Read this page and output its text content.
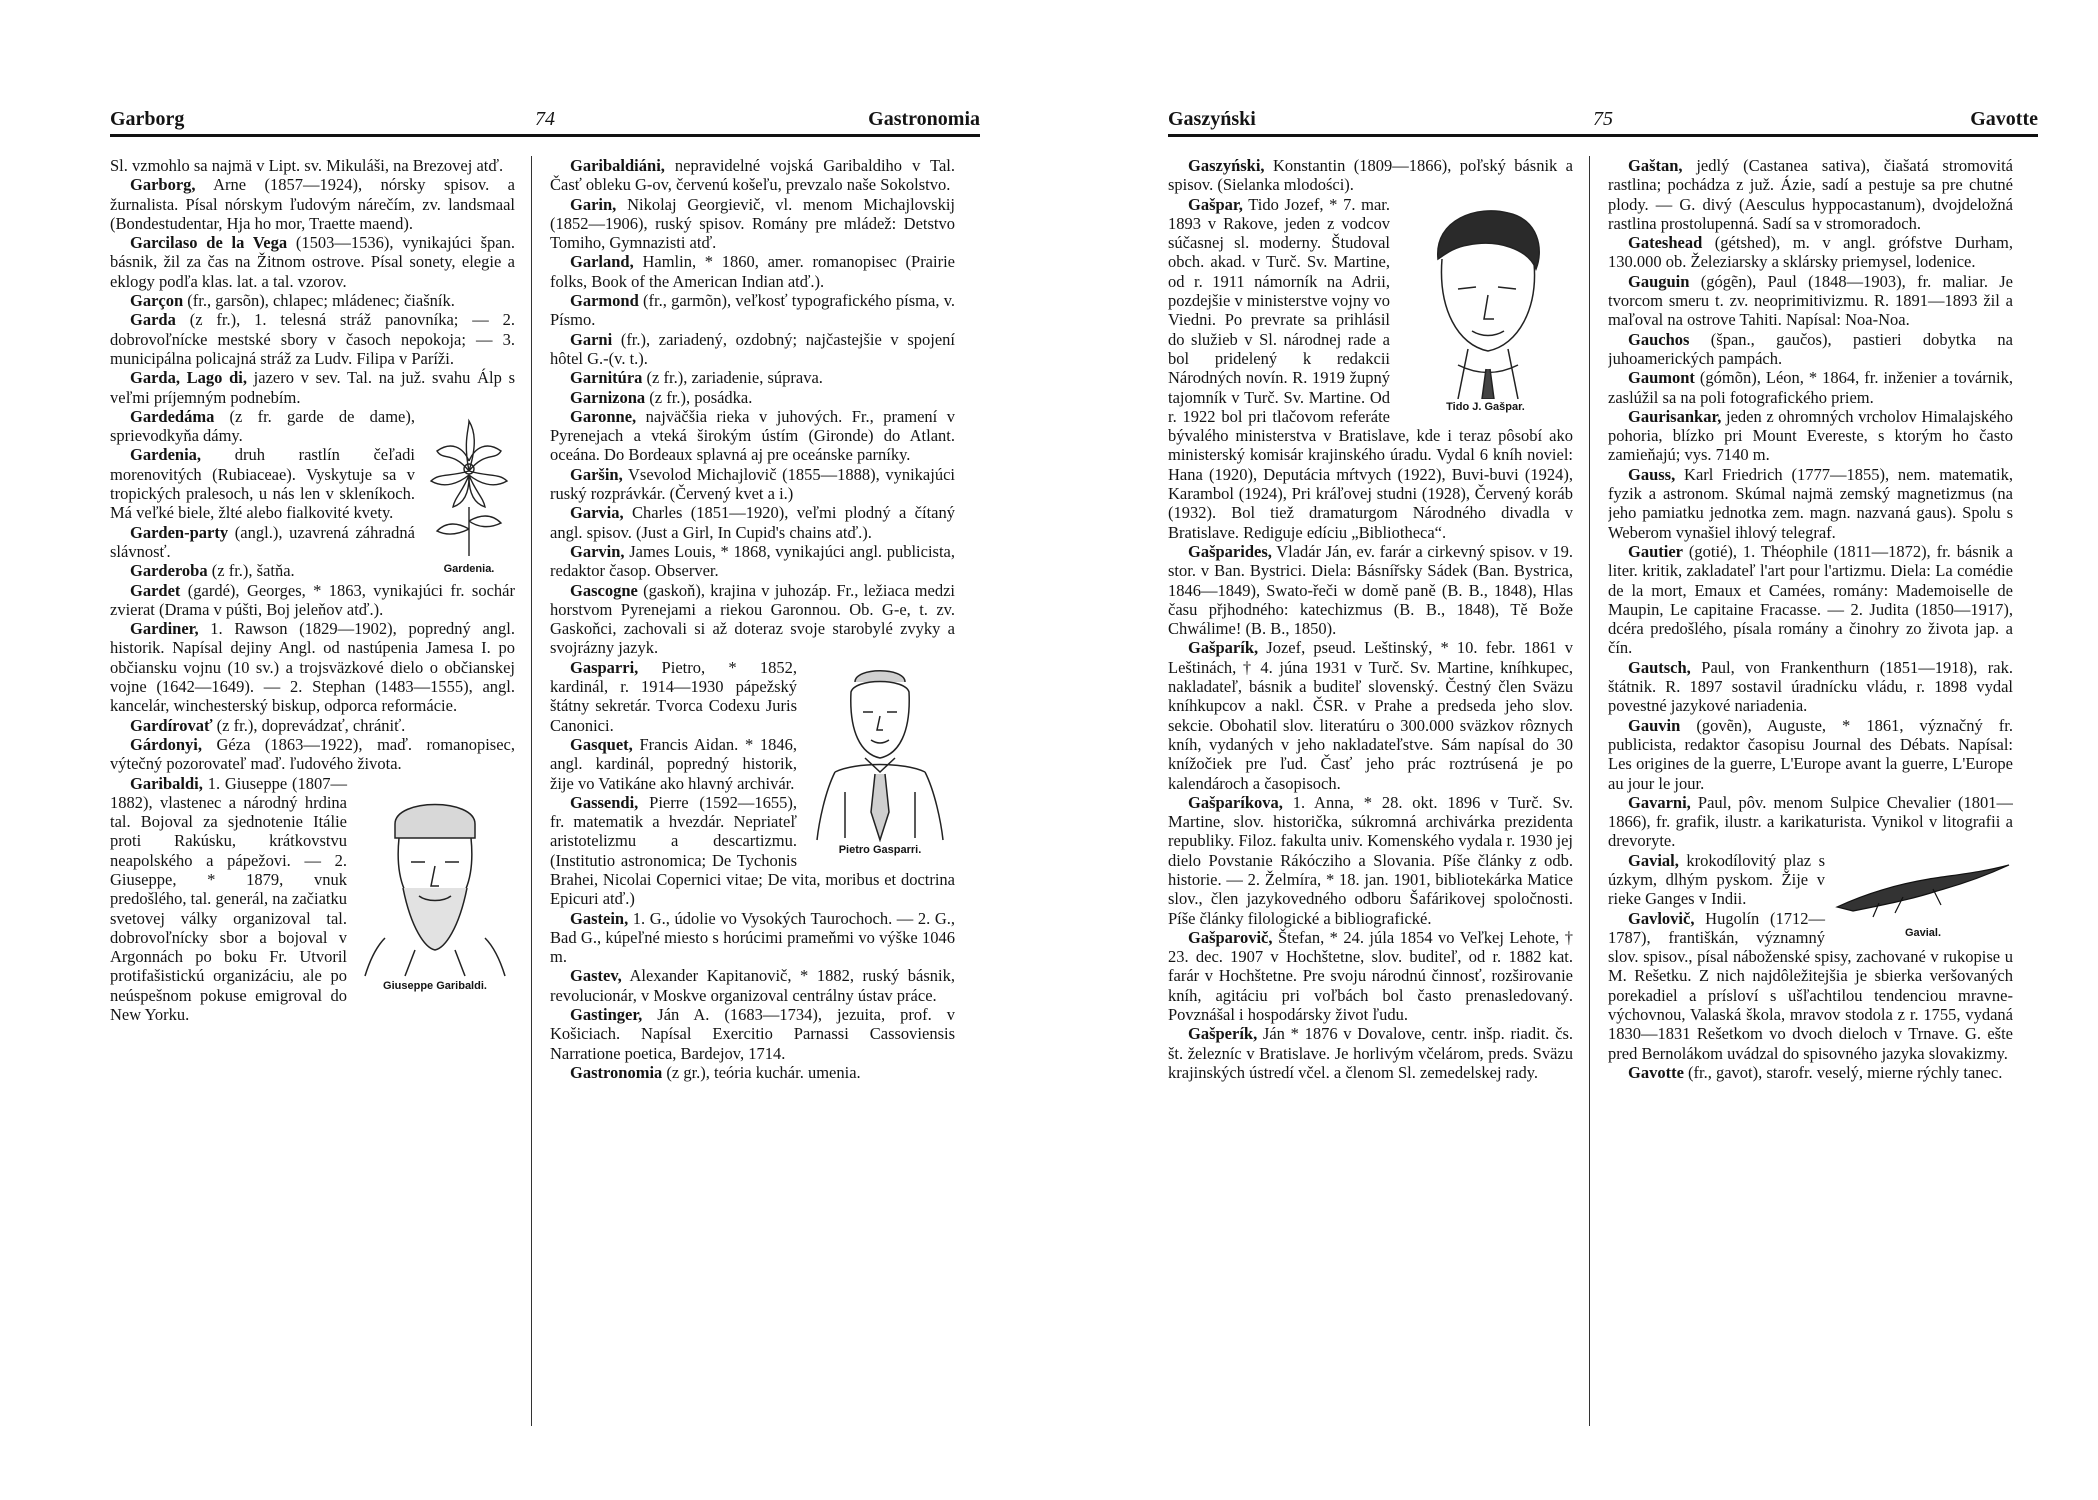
Garborg	74	Gastronomia

Sl. vzmohlo sa najmä v Lipt. sv. Mikuláši, na Brezovej atď.

Garborg, Arne (1857—1924), nórsky spisov. a žurnalista. Písal nórskym ľudovým nárečím, zv. landsmaal (Bondestudentar, Hja ho mor, Traette maend).

Garcilaso de la Vega (1503—1536), vynikajúci špan. básnik, žil za čas na Žitnom ostrove. Písal sonety, elegie a eklogy podľa klas. lat. a tal. vzorov.

Garçon (fr., garsõn), chlapec; mládenec; čiašník.

Garda (z fr.), 1. telesná stráž panovníka; — 2. dobrovoľnícke mestské sbory v časoch nepokoja; — 3. municipálna policajná stráž za Ludv. Filipa v Paríži.

Garda, Lago di, jazero v sev. Tal. na juž. svahu Álp s veľmi príjemným podnebím.

Gardenia.

Gardedáma (z fr. garde de dame), sprievodkyňa dámy.

Gardenia, druh rastlín čeľadi morenovitých (Rubiaceae). Vyskytuje sa v tropických pralesoch, u nás len v skleníkoch. Má veľké biele, žlté alebo fialkovité kvety.

Garden-party (angl.), uzavrená záhradná slávnosť.

Garderoba (z fr.), šatňa.

Gardet (gardé), Georges, * 1863, vynikajúci fr. sochár zvierat (Drama v púšti, Boj jeleňov atď.).

Gardiner, 1. Rawson (1829—1902), popredný angl. historik. Napísal dejiny Angl. od nastúpenia Jamesa I. po občiansku vojnu (10 sv.) a trojsväzkové dielo o občianskej vojne (1642—1649). — 2. Stephan (1483—1555), angl. kancelár, winchesterský biskup, odporca reformácie.

Gardírovať (z fr.), doprevádzať, chrániť.

Gárdonyi, Géza (1863—1922), maď. romanopisec, výtečný pozorovateľ maď. ľudového života.

Giuseppe Garibaldi.

Garibaldi, 1. Giuseppe (1807—1882), vlastenec a národný hrdina tal. Bojoval za sjednotenie Itálie proti Rakúsku, krátkovstvu neapolského a pápežovi. — 2. Giuseppe, * 1879, vnuk predošlého, tal. generál, na začiatku svetovej války organizoval tal. dobrovoľnícky sbor a bojoval v Argonnách po boku Fr. Utvoril protifašistickú organizáciu, ale po neúspešnom pokuse emigroval do New Yorku.

Garibaldiáni, nepravidelné vojská Garibaldiho v Tal. Časť obleku G-ov, červenú košeľu, prevzalo naše Sokolstvo.

Garin, Nikolaj Georgievič, vl. menom Michajlovskij (1852—1906), ruský spisov. Romány pre mládež: Detstvo Tomiho, Gymnazisti atď.

Garland, Hamlin, * 1860, amer. romanopisec (Prairie folks, Book of the American Indian atď.).

Garmond (fr., garmõn), veľkosť typografického písma, v. Písmo.

Garni (fr.), zariadený, ozdobný; najčastejšie v spojení hôtel G.-(v. t.).

Garnitúra (z fr.), zariadenie, súprava.

Garnizona (z fr.), posádka.

Garonne, najväčšia rieka v juhových. Fr., pramení v Pyrenejach a vteká širokým ústím (Gironde) do Atlant. oceána. Do Bordeaux splavná aj pre oceánske parníky.

Garšin, Vsevolod Michajlovič (1855—1888), vynikajúci ruský rozprávkár. (Červený kvet a i.)

Garvia, Charles (1851—1920), veľmi plodný a čítaný angl. spisov. (Just a Girl, In Cupid's chains atď.).

Garvin, James Louis, * 1868, vynikajúci angl. publicista, redaktor časop. Observer.

Gascogne (gaskoň), krajina v juhozáp. Fr., ležiaca medzi horstvom Pyrenejami a riekou Garonnou. Ob. G-e, t. zv. Gaskoňci, zachovali si až doteraz svoje starobylé zvyky a svojrázny jazyk.

Pietro Gasparri.

Gasparri, Pietro, * 1852, kardinál, r. 1914—1930 pápežský štátny sekretár. Tvorca Codexu Juris Canonici.

Gasquet, Francis Aidan. * 1846, angl. kardinál, popredný historik, žije vo Vatikáne ako hlavný archivár.

Gassendi, Pierre (1592—1655), fr. matematik a hvezdár. Nepriateľ aristotelizmu a descartizmu. (Institutio astronomica; De Tychonis Brahei, Nicolai Copernici vitae; De vita, moribus et doctrina Epicuri atď.)

Gastein, 1. G., údolie vo Vysokých Taurochoch. — 2. G., Bad G., kúpeľné miesto s horúcimi prameňmi vo výške 1046 m.

Gastev, Alexander Kapitanovič, * 1882, ruský básnik, revolucionár, v Moskve organizoval centrálny ústav práce.

Gastinger, Ján A. (1683—1734), jezuita, prof. v Košiciach. Napísal Exercitio Parnassi Cassoviensis Narratione poetica, Bardejov, 1714.

Gastronomia (z gr.), teória kuchár. umenia.

Gaszyński	75	Gavotte

Gaszyński, Konstantin (1809—1866), poľský básnik a spisov. (Sielanka mlodości).

Tido J. Gašpar.

Gašpar, Tido Jozef, * 7. mar. 1893 v Rakove, jeden z vodcov súčasnej sl. moderny. Študoval obch. akad. v Turč. Sv. Martine, od r. 1911 námorník na Adrii, pozdejšie v ministerstve vojny vo Viedni. Po prevrate sa prihlásil do služieb v Sl. národnej rade a bol pridelený k redakcii Národných novín. R. 1919 župný tajomník v Turč. Sv. Martine. Od r. 1922 bol pri tlačovom referáte bývalého ministerstva v Bratislave, kde i teraz pôsobí ako ministerský komisár krajinského úradu. Vydal 6 kníh noviel: Hana (1920), Deputácia mŕtvych (1922), Buvi-buvi (1924), Karambol (1924), Pri kráľovej studni (1928), Červený koráb (1932). Bol tiež dramaturgom Národného divadla v Bratislave. Rediguje edíciu „Bibliotheca“.

Gašparides, Vladár Ján, ev. farár a cirkevný spisov. v 19. stor. v Ban. Bystrici. Diela: Básnířsky Sádek (Ban. Bystrica, 1846—1849), Swato-řeči w domě paně (B. B., 1848), Hlas času přjhodného: katechizmus (B. B., 1848), Tě Bože Chwálime! (B. B., 1850).

Gašparík, Jozef, pseud. Leštinský, * 10. febr. 1861 v Leštinách, † 4. júna 1931 v Turč. Sv. Martine, kníhkupec, nakladateľ, básnik a buditeľ slovenský. Čestný člen Sväzu kníhkupcov a nakl. ČSR. v Prahe a predseda jeho slov. sekcie. Obohatil slov. literatúru o 300.000 sväzkov rôznych kníh, vydaných v jeho nakladateľstve. Sám napísal do 30 knížočiek pre ľud. Časť jeho prác roztrúsená je po kalendároch a časopisoch.

Gašparíkova, 1. Anna, * 28. okt. 1896 v Turč. Sv. Martine, slov. historička, súkromná archivárka prezidenta republiky. Filoz. fakulta univ. Komenského vydala r. 1930 jej dielo Povstanie Rákócziho a Slovania. Píše články z odb. historie. — 2. Želmíra, * 18. jan. 1901, bibliotekárka Matice slov., člen jazykovedného odboru Šafárikovej spoločnosti. Píše články filologické a bibliografické.

Gašparovič, Štefan, * 24. júla 1854 vo Veľkej Lehote, † 23. dec. 1907 v Hochštetne, slov. buditeľ, od r. 1882 kat. farár v Hochštetne. Pre svoju národnú činnosť, rozširovanie kníh, agitáciu pri voľbách bol často prenasledovaný. Povznášal i hospodársky život ľudu.

Gašperík, Ján * 1876 v Dovalove, centr. inšp. riadit. čs. št. železníc v Bratislave. Je horlivým včelárom, preds. Sväzu krajinských ústredí včel. a členom Sl. zemedelskej rady.

Gaštan, jedlý (Castanea sativa), čiašatá stromovitá rastlina; pochádza z juž. Ázie, sadí a pestuje sa pre chutné plody. — G. divý (Aesculus hyppocastanum), dvojdeložná rastlina prostolupenná. Sadí sa v stromoradoch.

Gateshead (gétshed), m. v angl. grófstve Durham, 130.000 ob. Železiarsky a sklársky priemysel, lodenice.

Gauguin (gógẽn), Paul (1848—1903), fr. maliar. Je tvorcom smeru t. zv. neoprimitivizmu. R. 1891—1893 žil a maľoval na ostrove Tahiti. Napísal: Noa-Noa.

Gauchos (špan., gaučos), pastieri dobytka na juhoamerických pampách.

Gaumont (gómõn), Léon, * 1864, fr. inženier a továrnik, zaslúžil sa na poli fotografického priem.

Gaurisankar, jeden z ohromných vrcholov Himalajského pohoria, blízko pri Mount Evereste, s ktorým ho často zamieňajú; vys. 7140 m.

Gauss, Karl Friedrich (1777—1855), nem. matematik, fyzik a astronom. Skúmal najmä zemský magnetizmus (na jeho pamiatku jednotka zem. magn. nazvaná gaus). Spolu s Weberom vynašiel ihlový telegraf.

Gautier (gotié), 1. Théophile (1811—1872), fr. básnik a liter. kritik, zakladateľ l'art pour l'artizmu. Diela: La comédie de la mort, Emaux et Camées, romány: Mademoiselle de Maupin, Le capitaine Fracasse. — 2. Judita (1850—1917), dcéra predošlého, písala romány a činohry zo života jap. a čín.

Gautsch, Paul, von Frankenthurn (1851—1918), rak. štátnik. R. 1897 sostavil úradnícku vládu, r. 1898 vydal povestné jazykové nariadenia.

Gauvin (govẽn), Auguste, * 1861, význačný fr. publicista, redaktor časopisu Journal des Débats. Napísal: Les origines de la guerre, L'Europe avant la guerre, L'Europe au jour le jour.

Gavarni, Paul, pôv. menom Sulpice Chevalier (1801—1866), fr. grafik, ilustr. a karikaturista. Vynikol v litografii a drevoryte.

Gavial.

Gavial, krokodílovitý plaz s úzkym, dlhým pyskom. Žije v rieke Ganges v Indii.

Gavlovič, Hugolín (1712—1787), františkán, významný slov. spisov., písal náboženské spisy, zachované v rukopise u M. Rešetku. Z nich najdôležitejšia je sbierka veršovaných porekadiel a prísloví s ušľachtilou tendenciou mravne-výchovnou, Valaská škola, mravov stodola z r. 1755, vydaná 1830—1831 Rešetkom vo dvoch dieloch v Trnave. G. ešte pred Bernolákom uvádzal do spisovného jazyka slovakizmy.

Gavotte (fr., gavot), starofr. veselý, mierne rýchly tanec.
